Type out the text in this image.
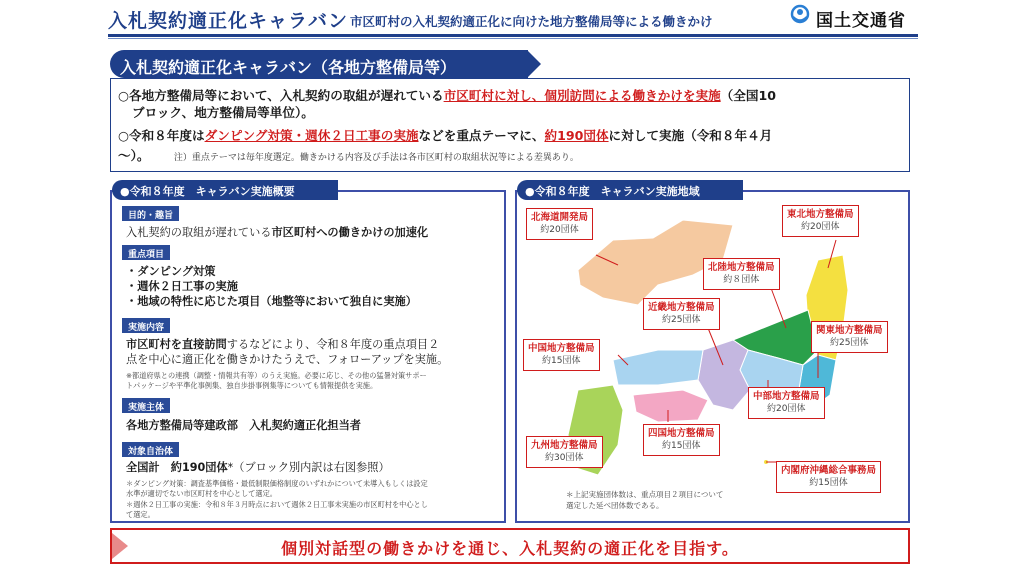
入札契約適正化キャラバン 市区町村の入札契約適正化に向けた地方整備局等による働きかけ	国土交通省
入札契約適正化キャラバン（各地方整備局等）
○各地方整備局等において、入札契約の取組が遅れている市区町村に対し、個別訪問による働きかけを実施（全国10
ブロック、地方整備局等単位）。
○令和８年度はダンピング対策・週休２日工事の実施などを重点テーマに、約190団体に対して実施（令和８年４月
～）。	注）重点テーマは毎年度選定。働きかける内容及び手法は各市区町村の取組状況等による差異あり。
●令和８年度　キャラバン実施概要
目的・趣旨
入札契約の取組が遅れている市区町村への働きかけの加速化
重点項目
・ダンピング対策
・週休２日工事の実施
・地域の特性に応じた項目（地整等において独自に実施）
実施内容
市区町村を直接訪問するなどにより、令和８年度の重点項目２
点を中心に適正化を働きかけたうえで、フォローアップを実施。
※都道府県との連携（調整・情報共有等）のうえ実施。必要に応じ、その他の猛暑対策サポー
トパッケージや平準化事例集、独自歩掛事例集等についても情報提供を実施。
実施主体
各地方整備局等建政部　入札契約適正化担当者
対象自治体
全国計　約190団体*（ブロック別内訳は右図参照）
＊ダンピング対策：調査基準価格・最低制限価格制度のいずれかについて未導入もしくは設定
水準が適切でない市区町村を中心として選定。
＊週休２日工事の実施：令和８年３月時点において週休２日工事未実施の市区町村を中心とし
て選定。
●令和８年度　キャラバン実施地域
北海道開発局
約20団体
東北地方整備局
約20団体
北陸地方整備局
約８団体
近畿地方整備局
約25団体
関東地方整備局
約25団体
中国地方整備局
約15団体
中部地方整備局
約20団体
四国地方整備局
約15団体
九州地方整備局
約30団体
内閣府沖縄総合事務局
約15団体
＊上記実施団体数は、重点項目２項目について
選定した延べ団体数である。
個別対話型の働きかけを通じ、入札契約の適正化を目指す。
